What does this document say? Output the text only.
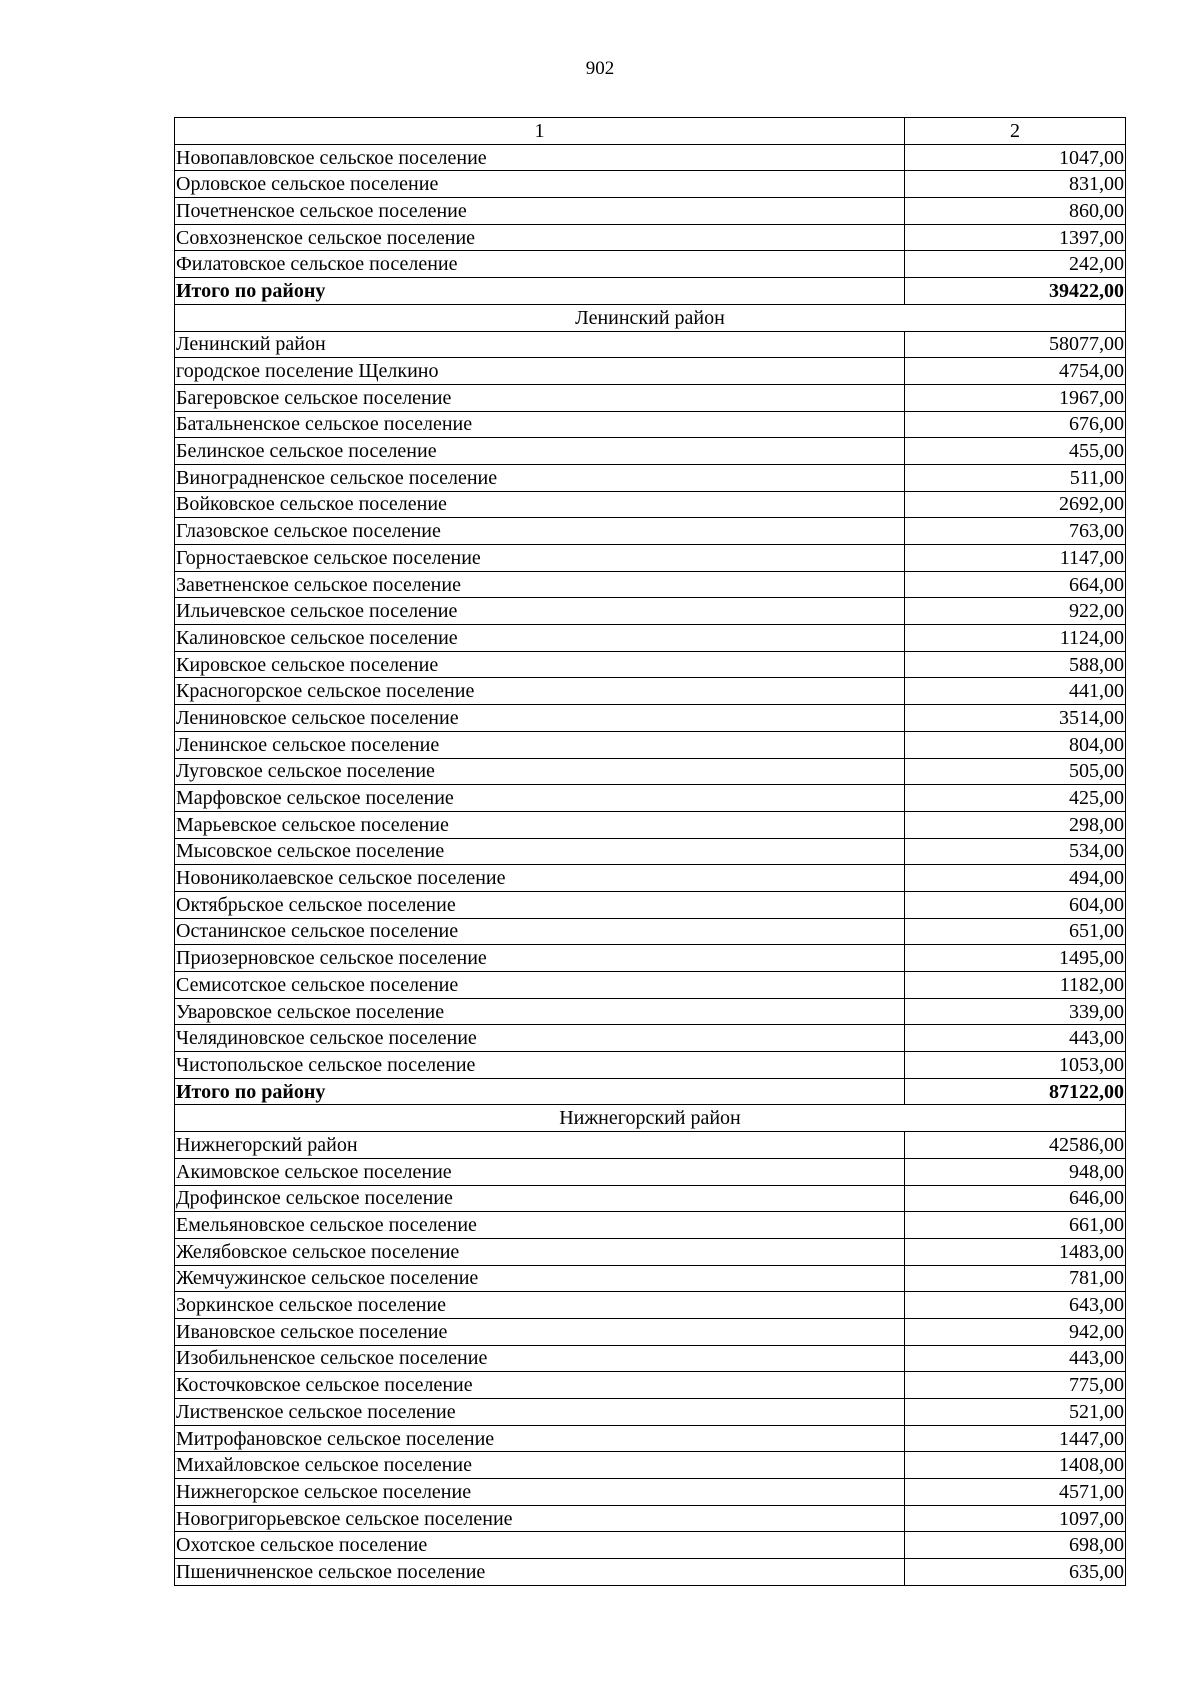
902
1	2
Новопавловское сельское поселение	1047,00
Орловское сельское поселение	831,00
Почетненское сельское поселение	860,00
Совхозненское сельское поселение	1397,00
Филатовское сельское поселение	242,00
Итого по району	39422,00
Ленинский район	
Ленинский район	58077,00
городское поселение Щелкино	4754,00
Багеровское сельское поселение	1967,00
Батальненское сельское поселение	676,00
Белинское сельское поселение	455,00
Виноградненское сельское поселение	511,00
Войковское сельское поселение	2692,00
Глазовское сельское поселение	763,00
Горностаевское сельское поселение	1147,00
Заветненское сельское поселение	664,00
Ильичевское сельское поселение	922,00
Калиновское сельское поселение	1124,00
Кировское сельское поселение	588,00
Красногорское сельское поселение	441,00
Лениновское сельское поселение	3514,00
Ленинское сельское поселение	804,00
Луговское сельское поселение	505,00
Марфовское сельское поселение	425,00
Марьевское сельское поселение	298,00
Мысовское сельское поселение	534,00
Новониколаевское сельское поселение	494,00
Октябрьское сельское поселение	604,00
Останинское сельское поселение	651,00
Приозерновское сельское поселение	1495,00
Семисотское сельское поселение	1182,00
Уваровское сельское поселение	339,00
Челядиновское сельское поселение	443,00
Чистопольское сельское поселение	1053,00
Итого по району	87122,00
Нижнегорский район	
Нижнегорский район	42586,00
Акимовское сельское поселение	948,00
Дрофинское сельское поселение	646,00
Емельяновское сельское поселение	661,00
Желябовское сельское поселение	1483,00
Жемчужинское сельское поселение	781,00
Зоркинское сельское поселение	643,00
Ивановское сельское поселение	942,00
Изобильненское сельское поселение	443,00
Косточковское сельское поселение	775,00
Лиственское сельское поселение	521,00
Митрофановское сельское поселение	1447,00
Михайловское сельское поселение	1408,00
Нижнегорское сельское поселение	4571,00
Новогригорьевское сельское поселение	1097,00
Охотское сельское поселение	698,00
Пшеничненское сельское поселение	635,00
